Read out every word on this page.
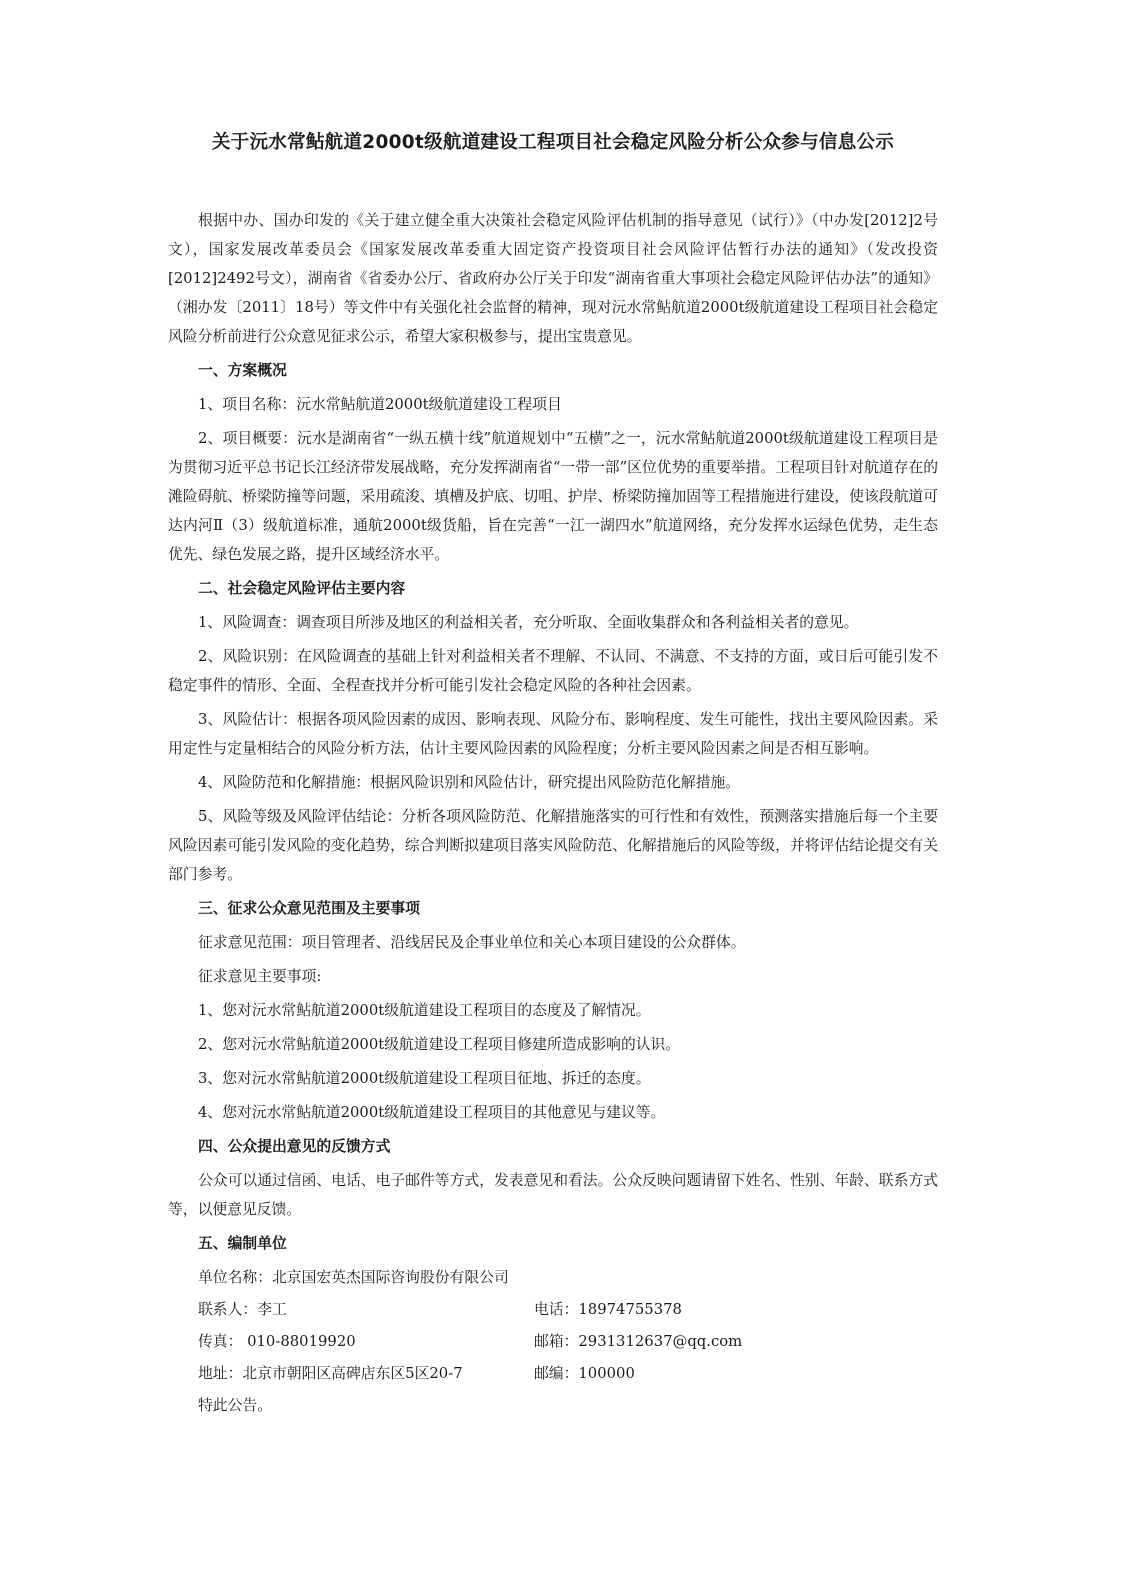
关于沅水常鲇航道2000t级航道建设工程项目社会稳定风险分析公众参与信息公示

根据中办、国办印发的《关于建立健全重大决策社会稳定风险评估机制的指导意见（试行）》（中办发[2012]2号文），国家发展改革委员会《国家发展改革委重大固定资产投资项目社会风险评估暂行办法的通知》（发改投资[2012]2492号文），湖南省《省委办公厅、省政府办公厅关于印发“湖南省重大事项社会稳定风险评估办法”的通知》（湘办发〔2011〕18号）等文件中有关强化社会监督的精神，现对沅水常鲇航道2000t级航道建设工程项目社会稳定风险分析前进行公众意见征求公示，希望大家积极参与，提出宝贵意见。

一、方案概况

1、项目名称：沅水常鲇航道2000t级航道建设工程项目

2、项目概要：沅水是湖南省“一纵五横十线”航道规划中“五横”之一，沅水常鲇航道2000t级航道建设工程项目是为贯彻习近平总书记长江经济带发展战略，充分发挥湖南省“一带一部”区位优势的重要举措。工程项目针对航道存在的滩险碍航、桥梁防撞等问题，采用疏浚、填槽及护底、切咀、护岸、桥梁防撞加固等工程措施进行建设，使该段航道可达内河Ⅱ（3）级航道标准，通航2000t级货船，旨在完善“一江一湖四水”航道网络，充分发挥水运绿色优势，走生态优先、绿色发展之路，提升区域经济水平。

二、社会稳定风险评估主要内容

1、风险调查：调查项目所涉及地区的利益相关者，充分听取、全面收集群众和各利益相关者的意见。

2、风险识别：在风险调查的基础上针对利益相关者不理解、不认同、不满意、不支持的方面，或日后可能引发不稳定事件的情形、全面、全程查找并分析可能引发社会稳定风险的各种社会因素。

3、风险估计：根据各项风险因素的成因、影响表现、风险分布、影响程度、发生可能性，找出主要风险因素。采用定性与定量相结合的风险分析方法，估计主要风险因素的风险程度；分析主要风险因素之间是否相互影响。

4、风险防范和化解措施：根据风险识别和风险估计，研究提出风险防范化解措施。

5、风险等级及风险评估结论：分析各项风险防范、化解措施落实的可行性和有效性，预测落实措施后每一个主要风险因素可能引发风险的变化趋势，综合判断拟建项目落实风险防范、化解措施后的风险等级，并将评估结论提交有关部门参考。

三、征求公众意见范围及主要事项

征求意见范围：项目管理者、沿线居民及企事业单位和关心本项目建设的公众群体。

征求意见主要事项:

1、您对沅水常鲇航道2000t级航道建设工程项目的态度及了解情况。

2、您对沅水常鲇航道2000t级航道建设工程项目修建所造成影响的认识。

3、您对沅水常鲇航道2000t级航道建设工程项目征地、拆迁的态度。

4、您对沅水常鲇航道2000t级航道建设工程项目的其他意见与建议等。

四、公众提出意见的反馈方式

公众可以通过信函、电话、电子邮件等方式，发表意见和看法。公众反映问题请留下姓名、性别、年龄、联系方式等，以便意见反馈。

五、编制单位
单位名称：北京国宏英杰国际咨询股份有限公司
联系人：李工	电话：18974755378
传真： 010-88019920	邮箱：2931312637@qq.com
地址：北京市朝阳区高碑店东区5区20-7	邮编：100000
特此公告。
